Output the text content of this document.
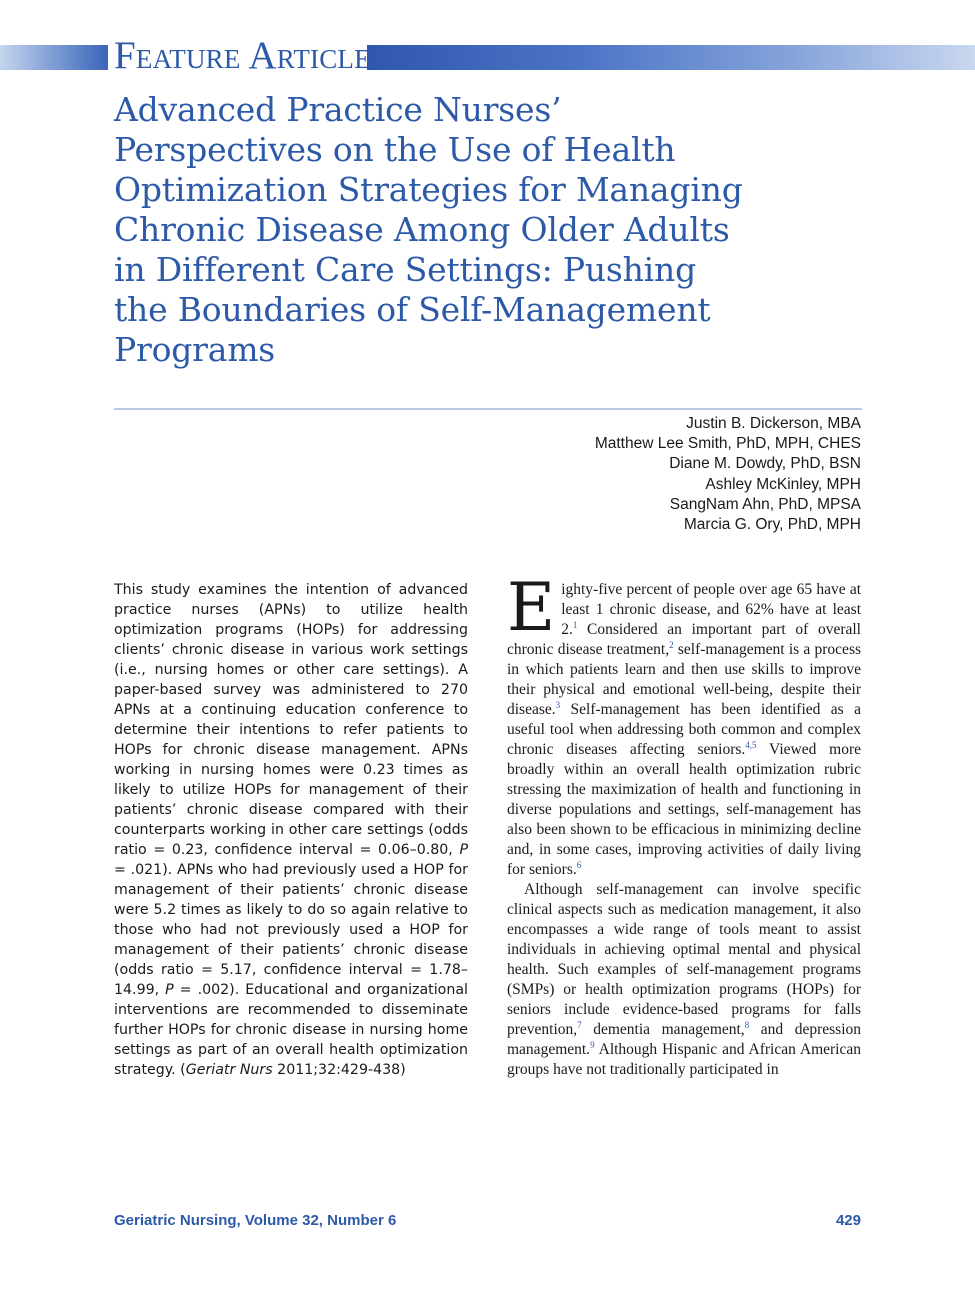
Feature Article
Advanced Practice Nurses’ Perspectives on the Use of Health Optimization Strategies for Managing Chronic Disease Among Older Adults in Different Care Settings: Pushing the Boundaries of Self-Management Programs
Justin B. Dickerson, MBA
Matthew Lee Smith, PhD, MPH, CHES
Diane M. Dowdy, PhD, BSN
Ashley McKinley, MPH
SangNam Ahn, PhD, MPSA
Marcia G. Ory, PhD, MPH
This study examines the intention of advanced practice nurses (APNs) to utilize health optimization programs (HOPs) for addressing clients’ chronic disease in various work settings (i.e., nursing homes or other care settings). A paper-based survey was administered to 270 APNs at a continuing education conference to determine their intentions to refer patients to HOPs for chronic disease management. APNs working in nursing homes were 0.23 times as likely to utilize HOPs for management of their patients’ chronic disease compared with their counterparts working in other care settings (odds ratio = 0.23, confidence interval = 0.06–0.80, P = .021). APNs who had previously used a HOP for management of their patients’ chronic disease were 5.2 times as likely to do so again relative to those who had not previously used a HOP for management of their patients’ chronic disease (odds ratio = 5.17, confidence interval = 1.78–14.99, P = .002). Educational and organizational interventions are recommended to disseminate further HOPs for chronic disease in nursing home settings as part of an overall health optimization strategy. (Geriatr Nurs 2011;32:429-438)

Eighty-five percent of people over age 65 have at least 1 chronic disease, and 62% have at least 2.$^1$ Considered an important part of overall chronic disease treatment,$^2$ self-management is a process in which patients learn and then use skills to improve their physical and emotional well-being, despite their disease.$^3$ Self-management has been identified as a useful tool when addressing both common and complex chronic diseases affecting seniors.$^{4,5}$ Viewed more broadly within an overall health optimization rubric stressing the maximization of health and functioning in diverse populations and settings, self-management has also been shown to be efficacious in minimizing decline and, in some cases, improving activities of daily living for seniors.$^6$

Although self-management can involve specific clinical aspects such as medication management, it also encompasses a wide range of tools meant to assist individuals in achieving optimal mental and physical health. Such examples of self-management programs (SMPs) or health optimization programs (HOPs) for seniors include evidence-based programs for falls prevention,$^7$ dementia management,$^8$ and depression management.$^9$ Although Hispanic and African American groups have not traditionally participated in

Geriatric Nursing, Volume 32, Number 6	429
